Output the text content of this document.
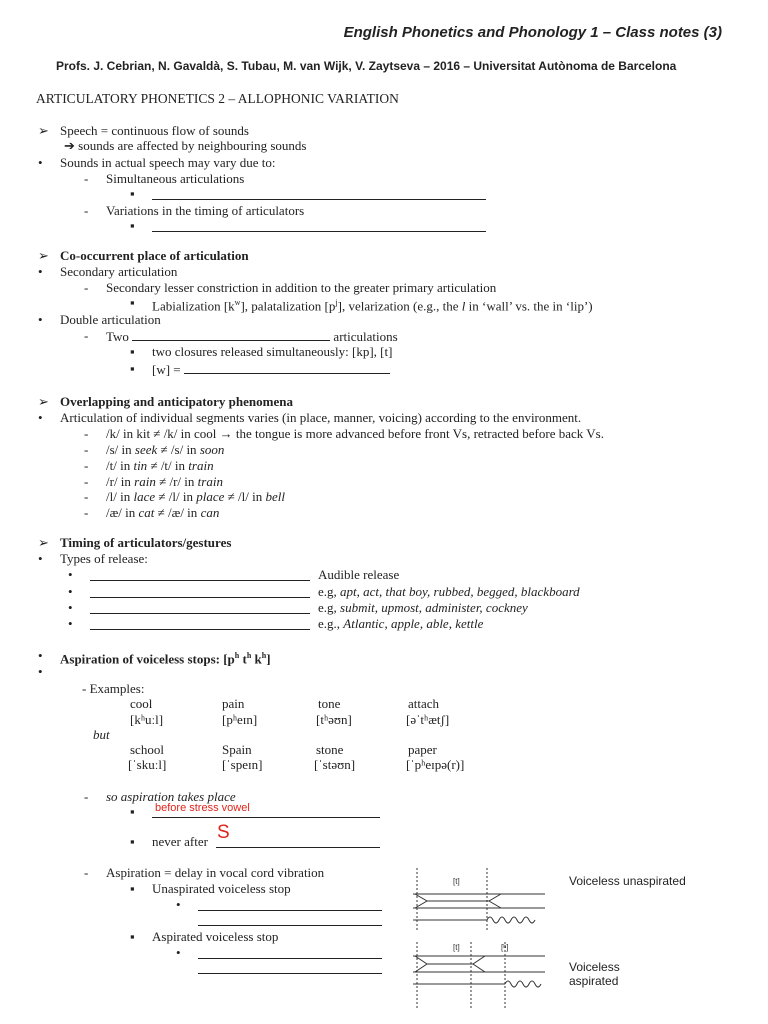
English Phonetics and Phonology 1 – Class notes (3)
Profs. J. Cebrian, N. Gavaldà, S. Tubau, M. van Wijk, V. Zaytseva – 2016 – Universitat Autònoma de Barcelona
ARTICULATORY PHONETICS 2 – ALLOPHONIC VARIATION
➢ Speech = continuous flow of sounds
➔ sounds are affected by neighbouring sounds
• Sounds in actual speech may vary due to:
- Simultaneous articulations
▪
- Variations in the timing of articulators
▪
➢ Co-occurrent place of articulation
• Secondary articulation
- Secondary lesser constriction in addition to the greater primary articulation
▪ Labialization $[k^w]$, palatalization $[p^j]$, velarization (e.g., the l in ‘wall’ vs. the in ‘lip’)
• Double articulation
- Two	articulations
▪ two closures released simultaneously: [kp], [t]
▪ [w] =
➢ Overlapping and anticipatory phenomena
• Articulation of individual segments varies (in place, manner, voicing) according to the environment.
- /k/ in kit ≠ /k/ in cool → the tongue is more advanced before front Vs, retracted before back Vs.
- /s/ in seek ≠ /s/ in soon
- /t/ in tin ≠ /t/ in train
- /r/ in rain ≠ /r/ in train
- /l/ in lace ≠ /l/ in place ≠ /l/ in bell
- /æ/ in cat ≠ /æ/ in can
➢ Timing of articulators/gestures
• Types of release:
•	Audible release
•	e.g, apt, act, that boy, rubbed, begged, blackboard
•	e.g, submit, upmost, administer, cockney
•	e.g., Atlantic, apple, able, kettle
• Aspiration of voiceless stops: [$p^h$ $t^h$ $k^h$]
•
- Examples:
cool	pain	tone	attach
[kʰuːl]	[pʰeɪn]	[tʰəʊn]	[əˈtʰætʃ]
but
school	Spain	stone	paper
[ˈskuːl]	[ˈspeɪn]	[ˈstəʊn]	[ˈpʰeɪpə(r)]
- so aspiration takes place
▪ before stress vowel
▪ never after S
- Aspiration = delay in vocal cord vibration
▪ Unaspirated voiceless stop
•
▪ Aspirated voiceless stop
•
[t]
[t]	[ʰ]
Voiceless unaspirated
Voiceless
aspirated
